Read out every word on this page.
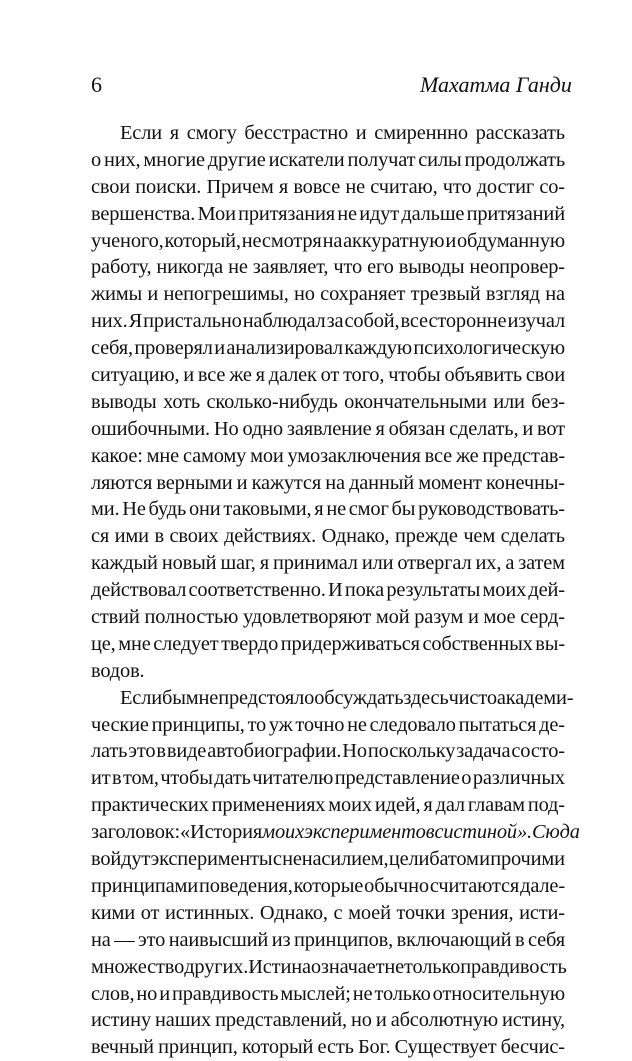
6	Махатма Ганди
Если я смогу бесстрастно и смиреннно рассказать
о них, многие другие искатели получат силы продолжать
свои поиски. Причем я вовсе не считаю, что достиг со-
вершенства. Мои притязания не идут дальше притязаний
ученого, который, несмотря на аккуратную и обдуманную
работу, никогда не заявляет, что его выводы неопровер-
жимы и непогрешимы, но сохраняет трезвый взгляд на
них. Я пристально наблюдал за собой, всесторонне изучал
себя, проверял и анализировал каждую психологическую
ситуацию, и все же я далек от того, чтобы объявить свои
выводы хоть сколько-нибудь окончательными или без-
ошибочными. Но одно заявление я обязан сделать, и вот
какое: мне самому мои умозаключения все же представ-
ляются верными и кажутся на данный момент конечны-
ми. Не будь они таковыми, я не смог бы руководствовать-
ся ими в своих действиях. Однако, прежде чем сделать
каждый новый шаг, я принимал или отвергал их, а затем
действовал соответственно. И пока результаты моих дей-
ствий полностью удовлетворяют мой разум и мое серд-
це, мне следует твердо придерживаться собственных вы-
водов.
Если бы мне предстояло обсуждать здесь чисто академи-
ческие принципы, то уж точно не следовало пытаться де-
лать это в виде автобиографии. Но поскольку задача состо-
ит в том, чтобы дать читателю представление о различных
практических применениях моих идей, я дал главам под-
заголовок: «История моих экспериментов с истиной». Сюда
войдут эксперименты с ненасилием, целибатом и прочими
принципами поведения, которые обычно считаются дале-
кими от истинных. Однако, с моей точки зрения, исти-
на — это наивысший из принципов, включающий в себя
множество других. Истина означает не только правдивость
слов, но и правдивость мыслей; не только относительную
истину наших представлений, но и абсолютную истину,
вечный принцип, который есть Бог. Существует бесчис-
